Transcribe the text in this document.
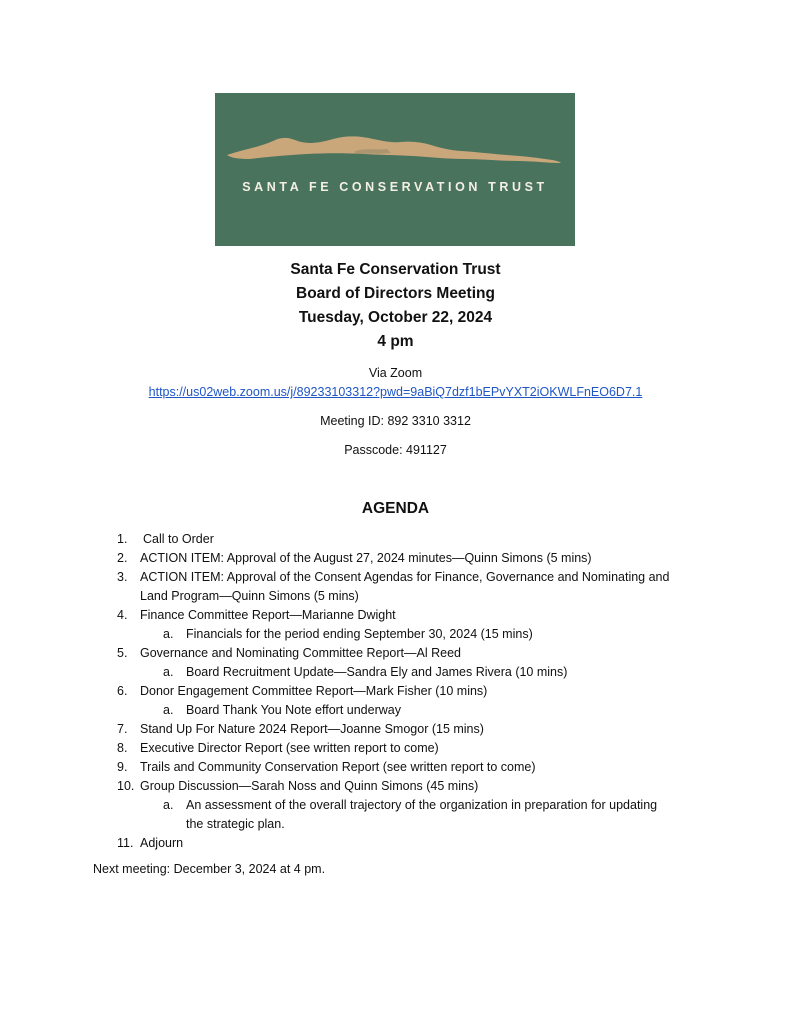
SANTA FE CONSERVATION TRUST
Santa Fe Conservation Trust
Board of Directors Meeting
Tuesday, October 22, 2024
4 pm
Via Zoom
https://us02web.zoom.us/j/89233103312?pwd=9aBiQ7dzf1bEPvYXT2iOKWLFnEO6D7.1
Meeting ID: 892 3310 3312
Passcode: 491127
AGENDA
1. Call to Order
2. ACTION ITEM: Approval of the August 27, 2024 minutes—Quinn Simons (5 mins)
3. ACTION ITEM: Approval of the Consent Agendas for Finance, Governance and Nominating and
Land Program—Quinn Simons (5 mins)
4. Finance Committee Report—Marianne Dwight
a. Financials for the period ending September 30, 2024 (15 mins)
5. Governance and Nominating Committee Report—Al Reed
a. Board Recruitment Update—Sandra Ely and James Rivera (10 mins)
6. Donor Engagement Committee Report—Mark Fisher (10 mins)
a. Board Thank You Note effort underway
7. Stand Up For Nature 2024 Report—Joanne Smogor (15 mins)
8. Executive Director Report (see written report to come)
9. Trails and Community Conservation Report (see written report to come)
10. Group Discussion—Sarah Noss and Quinn Simons (45 mins)
a. An assessment of the overall trajectory of the organization in preparation for updating
the strategic plan.
11. Adjourn
Next meeting: December 3, 2024 at 4 pm.
